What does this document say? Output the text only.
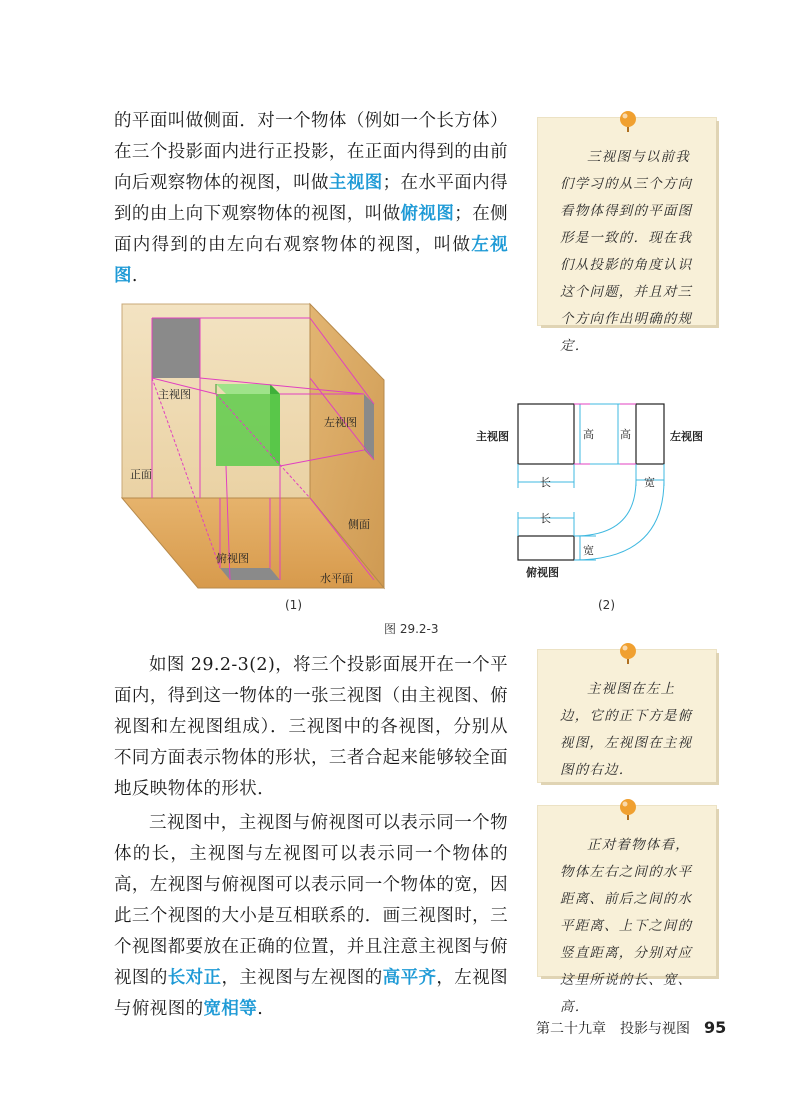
的平面叫做侧面．对一个物体（例如一个长方体）在三个投影面内进行正投影，在正面内得到的由前向后观察物体的视图，叫做主视图；在水平面内得到的由上向下观察物体的视图，叫做俯视图；在侧面内得到的由左向右观察物体的视图，叫做左视图.
三视图与以前我们学习的从三个方向看物体得到的平面图形是一致的．现在我们从投影的角度认识这个问题，并且对三个方向作出明确的规定．
主视图
左视图
俯视图
正面
侧面
水平面
(1)
主视图	左视图
俯视图
高 高
长
长
宽
宽
(2)
图 29.2-3
如图 29.2-3(2)，将三个投影面展开在一个平面内，得到这一物体的一张三视图（由主视图、俯视图和左视图组成）．三视图中的各视图，分别从不同方面表示物体的形状，三者合起来能够较全面地反映物体的形状．
主视图在左上边，它的正下方是俯视图，左视图在主视图的右边．
三视图中，主视图与俯视图可以表示同一个物体的长，主视图与左视图可以表示同一个物体的高，左视图与俯视图可以表示同一个物体的宽，因此三个视图的大小是互相联系的．画三视图时，三个视图都要放在正确的位置，并且注意主视图与俯视图的长对正，主视图与左视图的高平齐，左视图与俯视图的宽相等.
正对着物体看，物体左右之间的水平距离、前后之间的水平距离、上下之间的竖直距离，分别对应这里所说的长、宽、高．
第二十九章　投影与视图 95
